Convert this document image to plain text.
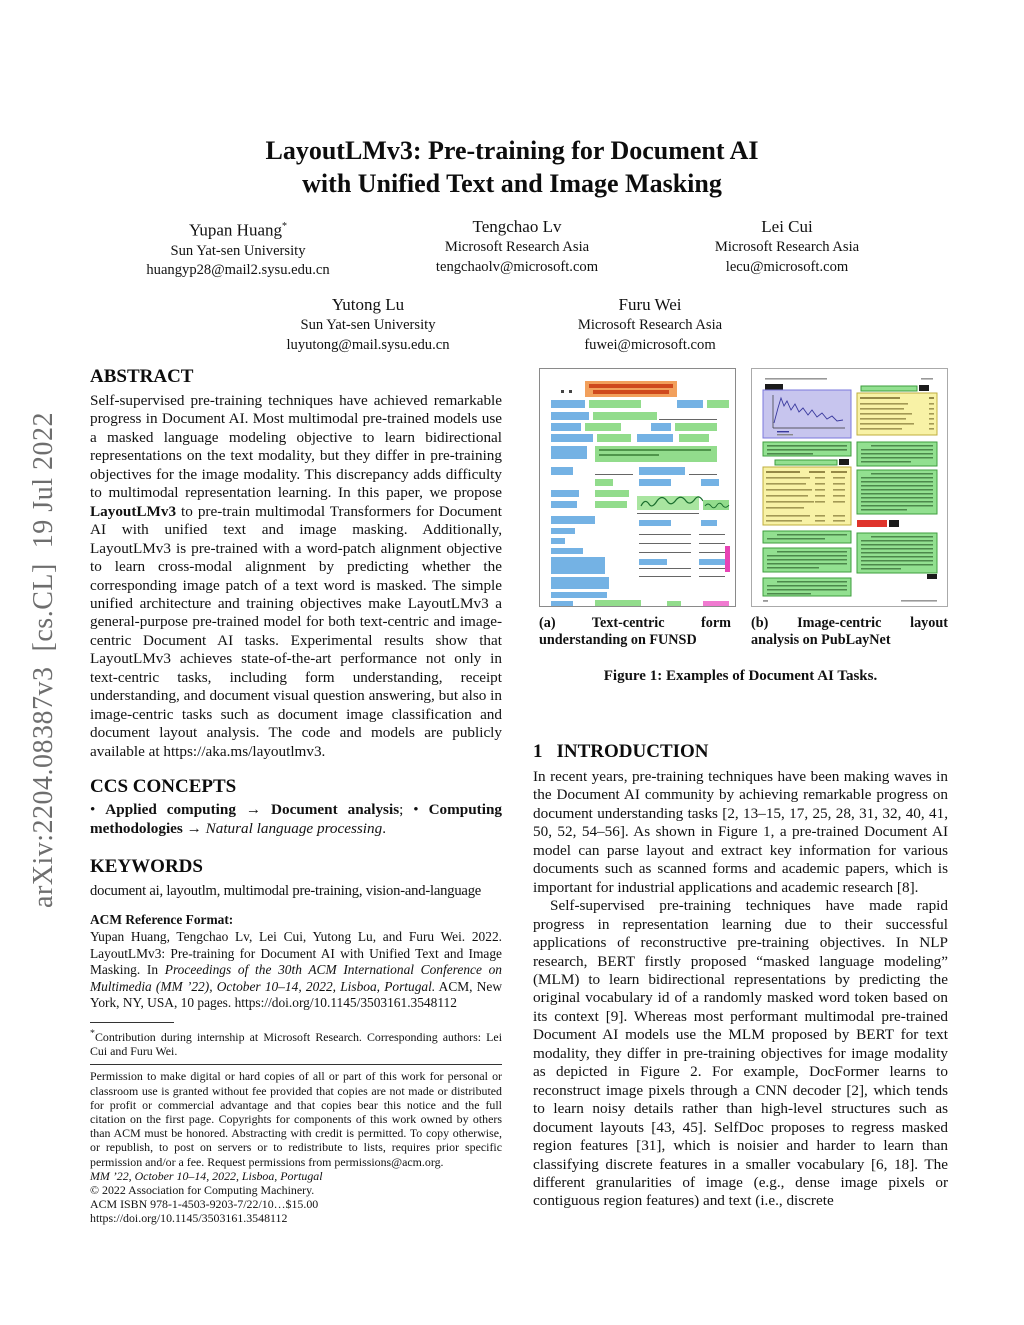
arXiv:2204.08387v3  [cs.CL]  19 Jul 2022
LayoutLMv3: Pre-training for Document AI
with Unified Text and Image Masking
Yupan Huang*
Sun Yat-sen University
huangyp28@mail2.sysu.edu.cn
Tengchao Lv
Microsoft Research Asia
tengchaolv@microsoft.com
Lei Cui
Microsoft Research Asia
lecu@microsoft.com
Yutong Lu
Sun Yat-sen University
luyutong@mail.sysu.edu.cn
Furu Wei
Microsoft Research Asia
fuwei@microsoft.com
ABSTRACT

Self-supervised pre-training techniques have achieved remarkable progress in Document AI. Most multimodal pre-trained models use a masked language modeling objective to learn bidirectional representations on the text modality, but they differ in pre-training objectives for the image modality. This discrepancy adds difficulty to multimodal representation learning. In this paper, we propose LayoutLMv3 to pre-train multimodal Transformers for Document AI with unified text and image masking. Additionally, LayoutLMv3 is pre-trained with a word-patch alignment objective to learn cross-modal alignment by predicting whether the corresponding image patch of a text word is masked. The simple unified architecture and training objectives make LayoutLMv3 a general-purpose pre-trained model for both text-centric and image-centric Document AI tasks. Experimental results show that LayoutLMv3 achieves state-of-the-art performance not only in text-centric tasks, including form understanding, receipt understanding, and document visual question answering, but also in image-centric tasks such as document image classification and document layout analysis. The code and models are publicly available at https://aka.ms/layoutlmv3.

CCS CONCEPTS

• Applied computing → Document analysis; • Computing methodologies → Natural language processing.

KEYWORDS

document ai, layoutlm, multimodal pre-training, vision-and-language

ACM Reference Format:

Yupan Huang, Tengchao Lv, Lei Cui, Yutong Lu, and Furu Wei. 2022. LayoutLMv3: Pre-training for Document AI with Unified Text and Image Masking. In Proceedings of the 30th ACM International Conference on Multimedia (MM ’22), October 10–14, 2022, Lisboa, Portugal. ACM, New York, NY, USA, 10 pages. https://doi.org/10.1145/3503161.3548112

*Contribution during internship at Microsoft Research. Corresponding authors: Lei Cui and Furu Wei.

Permission to make digital or hard copies of all or part of this work for personal or classroom use is granted without fee provided that copies are not made or distributed for profit or commercial advantage and that copies bear this notice and the full citation on the first page. Copyrights for components of this work owned by others than ACM must be honored. Abstracting with credit is permitted. To copy otherwise, or republish, to post on servers or to redistribute to lists, requires prior specific permission and/or a fee. Request permissions from permissions@acm.org.

MM ’22, October 10–14, 2022, Lisboa, Portugal

© 2022 Association for Computing Machinery.

ACM ISBN 978-1-4503-9203-7/22/10…$15.00

https://doi.org/10.1145/3503161.3548112

(a) Text-centric form understanding on FUNSD
(b) Image-centric layout analysis on PubLayNet
Figure 1: Examples of Document AI Tasks.
1 INTRODUCTION

In recent years, pre-training techniques have been making waves in the Document AI community by achieving remarkable progress on document understanding tasks [2, 13–15, 17, 25, 28, 31, 32, 40, 41, 50, 52, 54–56]. As shown in Figure 1, a pre-trained Document AI model can parse layout and extract key information for various documents such as scanned forms and academic papers, which is important for industrial applications and academic research [8].

Self-supervised pre-training techniques have made rapid progress in representation learning due to their successful applications of reconstructive pre-training objectives. In NLP research, BERT firstly proposed “masked language modeling” (MLM) to learn bidirectional representations by predicting the original vocabulary id of a randomly masked word token based on its context [9]. Whereas most performant multimodal pre-trained Document AI models use the MLM proposed by BERT for text modality, they differ in pre-training objectives for image modality as depicted in Figure 2. For example, DocFormer learns to reconstruct image pixels through a CNN decoder [2], which tends to learn noisy details rather than high-level structures such as document layouts [43, 45]. SelfDoc proposes to regress masked region features [31], which is noisier and harder to learn than classifying discrete features in a smaller vocabulary [6, 18]. The different granularities of image (e.g., dense image pixels or contiguous region features) and text (i.e., discrete
